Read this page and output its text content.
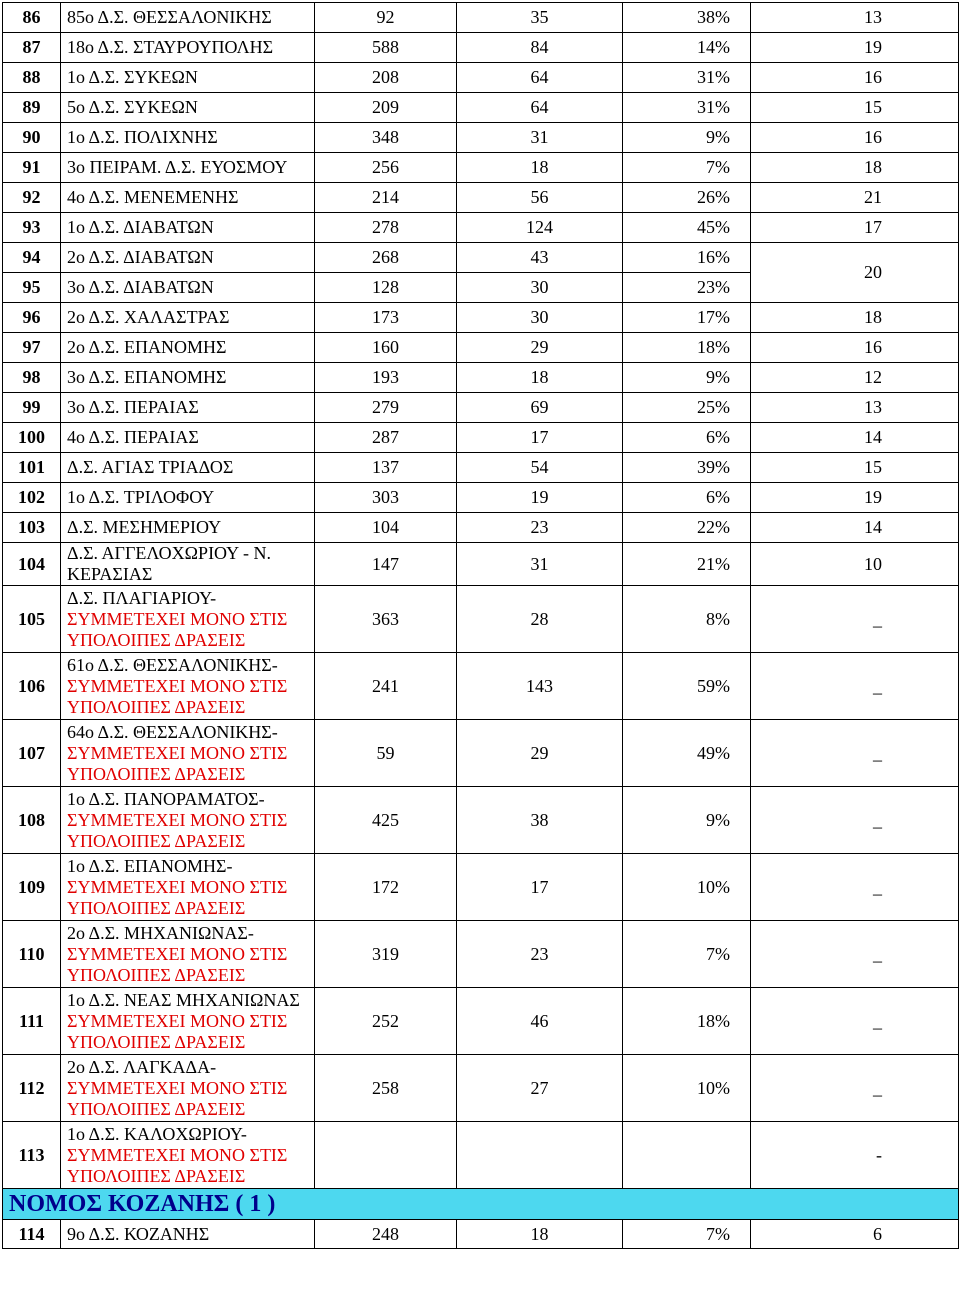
86	85ο Δ.Σ. ΘΕΣΣΑΛΟΝΙΚΗΣ	92	35	38%	13
87	18ο Δ.Σ. ΣΤΑΥΡΟΥΠΟΛΗΣ	588	84	14%	19
88	1ο Δ.Σ. ΣΥΚΕΩΝ	208	64	31%	16
89	5ο Δ.Σ. ΣΥΚΕΩΝ	209	64	31%	15
90	1ο Δ.Σ. ΠΟΛΙΧΝΗΣ	348	31	9%	16
91	3ο ΠΕΙΡΑΜ. Δ.Σ. ΕΥΟΣΜΟΥ	256	18	7%	18
92	4ο Δ.Σ. ΜΕΝΕΜΕΝΗΣ	214	56	26%	21
93	1ο Δ.Σ. ΔΙΑΒΑΤΩΝ	278	124	45%	17
94	2ο Δ.Σ. ΔΙΑΒΑΤΩΝ	268	43	16%	20
95	3ο Δ.Σ. ΔΙΑΒΑΤΩΝ	128	30	23%	
96	2ο Δ.Σ. ΧΑΛΑΣΤΡΑΣ	173	30	17%	18
97	2ο Δ.Σ. ΕΠΑΝΟΜΗΣ	160	29	18%	16
98	3ο Δ.Σ. ΕΠΑΝΟΜΗΣ	193	18	9%	12
99	3ο Δ.Σ. ΠΕΡΑΙΑΣ	279	69	25%	13
100	4ο Δ.Σ. ΠΕΡΑΙΑΣ	287	17	6%	14
101	Δ.Σ. ΑΓΙΑΣ ΤΡΙΑΔΟΣ	137	54	39%	15
102	1ο Δ.Σ. ΤΡΙΛΟΦΟΥ	303	19	6%	19
103	Δ.Σ. ΜΕΣΗΜΕΡΙΟΥ	104	23	22%	14
104	Δ.Σ. ΑΓΓΕΛΟΧΩΡΙΟΥ - Ν.
ΚΕΡΑΣΙΑΣ	147	31	21%	10
105	Δ.Σ. ΠΛΑΓΙΑΡΙΟΥ-
ΣΥΜΜΕΤΕΧΕΙ ΜΟΝΟ ΣΤΙΣ
ΥΠΟΛΟΙΠΕΣ ΔΡΑΣΕΙΣ	363	28	8%	_
106	61ο Δ.Σ. ΘΕΣΣΑΛΟΝΙΚΗΣ-
ΣΥΜΜΕΤΕΧΕΙ ΜΟΝΟ ΣΤΙΣ
ΥΠΟΛΟΙΠΕΣ ΔΡΑΣΕΙΣ	241	143	59%	_
107	64ο Δ.Σ. ΘΕΣΣΑΛΟΝΙΚΗΣ-
ΣΥΜΜΕΤΕΧΕΙ ΜΟΝΟ ΣΤΙΣ
ΥΠΟΛΟΙΠΕΣ ΔΡΑΣΕΙΣ	59	29	49%	_
108	1ο Δ.Σ. ΠΑΝΟΡΑΜΑΤΟΣ-
ΣΥΜΜΕΤΕΧΕΙ ΜΟΝΟ ΣΤΙΣ
ΥΠΟΛΟΙΠΕΣ ΔΡΑΣΕΙΣ	425	38	9%	_
109	1ο Δ.Σ. ΕΠΑΝΟΜΗΣ-
ΣΥΜΜΕΤΕΧΕΙ ΜΟΝΟ ΣΤΙΣ
ΥΠΟΛΟΙΠΕΣ ΔΡΑΣΕΙΣ	172	17	10%	_
110	2ο Δ.Σ. ΜΗΧΑΝΙΩΝΑΣ-
ΣΥΜΜΕΤΕΧΕΙ ΜΟΝΟ ΣΤΙΣ
ΥΠΟΛΟΙΠΕΣ ΔΡΑΣΕΙΣ	319	23	7%	_
111	1ο Δ.Σ. ΝΕΑΣ ΜΗΧΑΝΙΩΝΑΣ
ΣΥΜΜΕΤΕΧΕΙ ΜΟΝΟ ΣΤΙΣ
ΥΠΟΛΟΙΠΕΣ ΔΡΑΣΕΙΣ	252	46	18%	_
112	2ο Δ.Σ. ΛΑΓΚΑΔΑ-
ΣΥΜΜΕΤΕΧΕΙ ΜΟΝΟ ΣΤΙΣ
ΥΠΟΛΟΙΠΕΣ ΔΡΑΣΕΙΣ	258	27	10%	_
113	1ο Δ.Σ. ΚΑΛΟΧΩΡΙΟΥ-
ΣΥΜΜΕΤΕΧΕΙ ΜΟΝΟ ΣΤΙΣ
ΥΠΟΛΟΙΠΕΣ ΔΡΑΣΕΙΣ				-
ΝΟΜΟΣ ΚΟΖΑΝΗΣ ( 1 )					
114	9ο Δ.Σ. ΚΟΖΑΝΗΣ	248	18	7%	6
